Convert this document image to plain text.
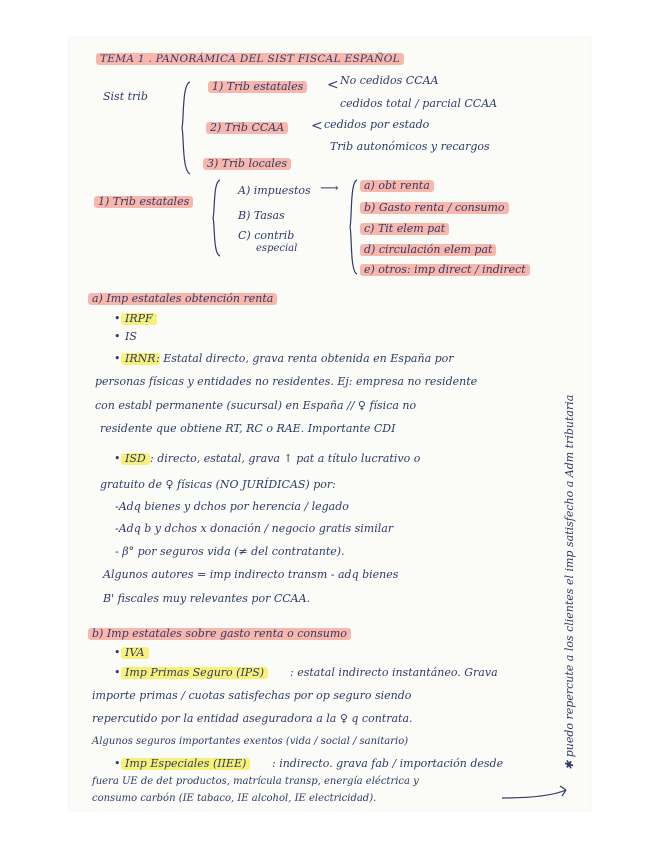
TEMA 1 . PANORÁMICA DEL SIST FISCAL ESPAÑOL
Sist trib
1) Trib estatales < No cedidos CCAA
cedidos total / parcial CCAA
2) Trib CCAA < cedidos por estado
Trib autonómicos y recargos
3) Trib locales
1) Trib estatales
A) impuestos ⟶
B) Tasas
C) contrib
especial
a) obt renta
b) Gasto renta / consumo
c) Tit elem pat
d) circulación elem pat
e) otros: imp direct / indirect
a) Imp estatales obtención renta
• IRPF
• IS
• IRNR : Estatal directo, grava renta obtenida en España por
personas físicas y entidades no residentes. Ej: empresa no residente
con establ permanente (sucursal) en España // ♀ física no
residente que obtiene RT, RC o RAE. Importante CDI
• ISD : directo, estatal, grava ↑ pat a título lucrativo o
gratuito de ♀ físicas (NO JURÍDICAS) por:
-Adq bienes y dchos por herencia / legado
-Adq b y dchos x donación / negocio gratis similar
- β° por seguros vida (≠ del contratante).
Algunos autores = imp indirecto transm - adq bienes
B' fiscales muy relevantes por CCAA.
b) Imp estatales sobre gasto renta o consumo
• IVA
• Imp Primas Seguro (IPS) : estatal indirecto instantáneo. Grava
importe primas / cuotas satisfechas por op seguro siendo
repercutido por la entidad aseguradora a la ♀ q contrata.
Algunos seguros importantes exentos (vida / social / sanitario)
• Imp Especiales (IIEE) : indirecto. grava fab / importación desde
fuera UE de det productos, matrícula transp, energía eléctrica y
consumo carbón (IE tabaco, IE alcohol, IE electricidad).
✱ puedo repercute a los clientes el imp satisfecho a Adm tributaria
